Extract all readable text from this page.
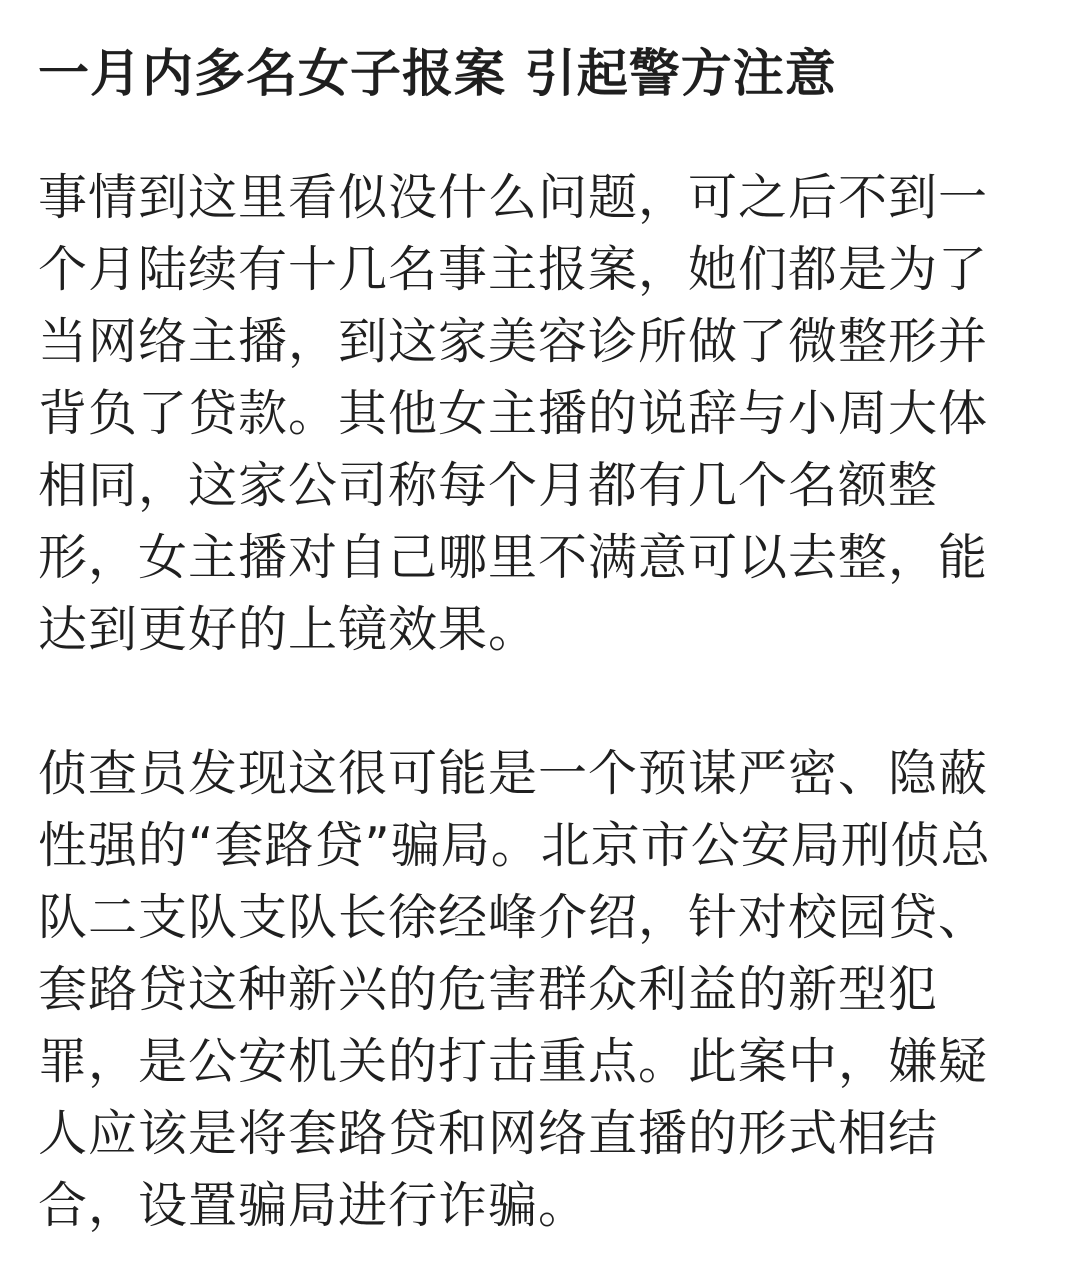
一月内多名女子报案 引起警方注意

事情到这里看似没什么问题，可之后不到一
个月陆续有十几名事主报案，她们都是为了
当网络主播，到这家美容诊所做了微整形并
背负了贷款。其他女主播的说辞与小周大体
相同，这家公司称每个月都有几个名额整
形，女主播对自己哪里不满意可以去整，能
达到更好的上镜效果。

侦查员发现这很可能是一个预谋严密、隐蔽
性强的“套路贷”骗局。北京市公安局刑侦总
队二支队支队长徐经峰介绍，针对校园贷、
套路贷这种新兴的危害群众利益的新型犯
罪，是公安机关的打击重点。此案中，嫌疑
人应该是将套路贷和网络直播的形式相结
合，设置骗局进行诈骗。
